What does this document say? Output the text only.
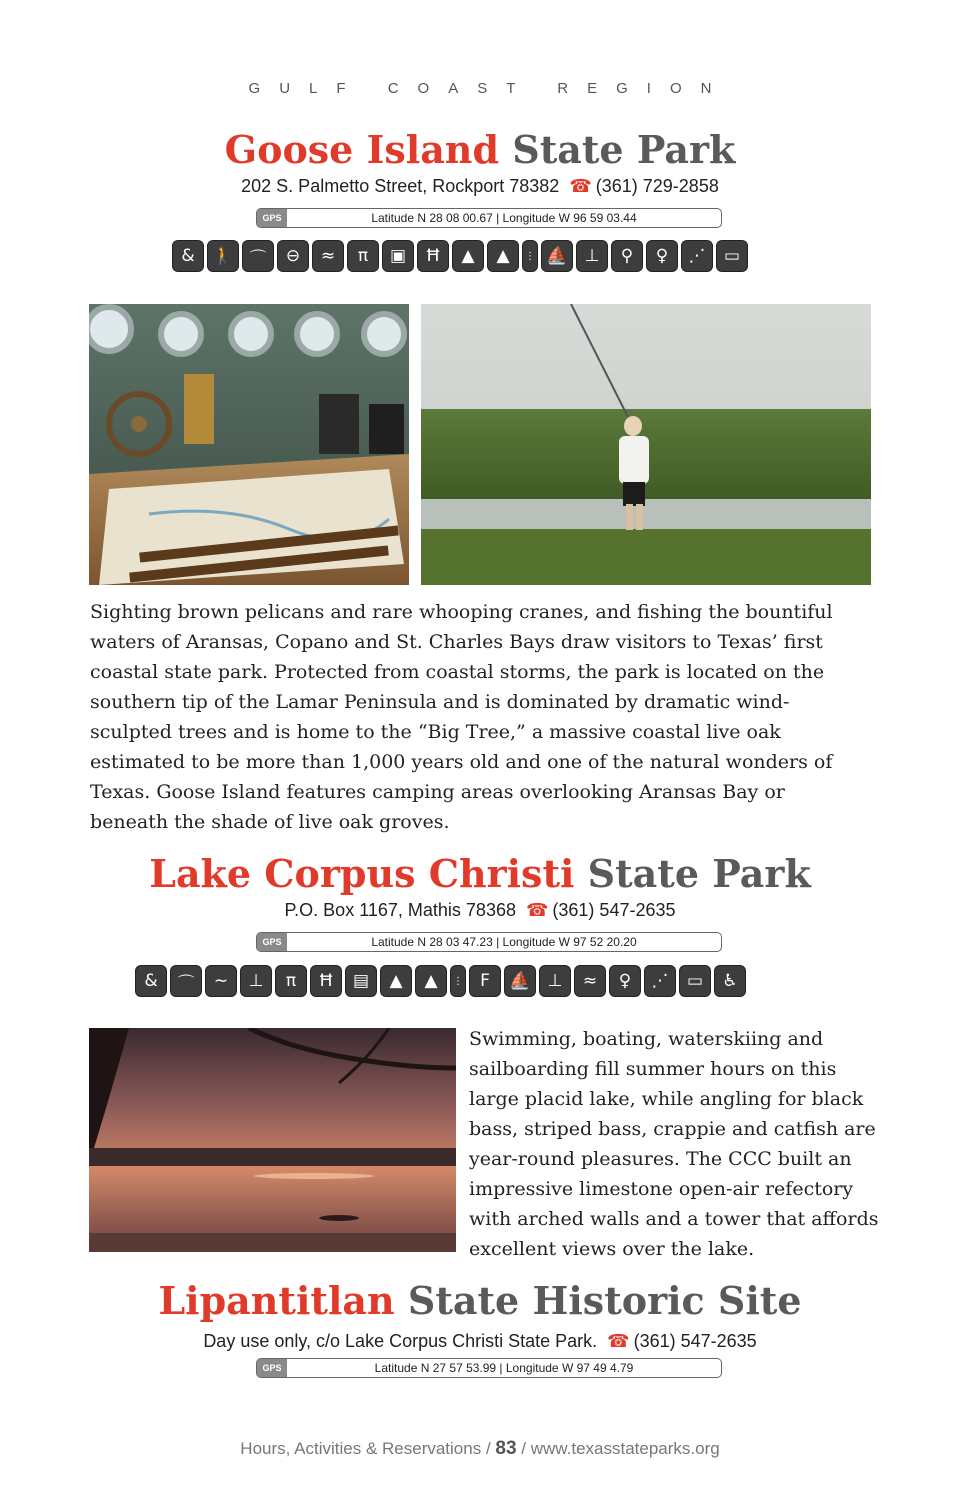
GULF COAST REGION
Goose Island State Park
202 S. Palmetto Street, Rockport 78382 ☎ (361) 729-2858
GPS	Latitude N 28 08 00.67 | Longitude W 96 59 03.44
&	🚶 ⌒	⊖	≈	π	▣	Ħ	▲	▲	⋮ ⛵	⊥	⚲	♀	⋰	▭
Sighting brown pelicans and rare whooping cranes, and fishing the bountiful waters of Aransas, Copano and St. Charles Bays draw visitors to Texas’ first coastal state park. Protected from coastal storms, the park is located on the southern tip of the Lamar Peninsula and is dominated by dramatic wind-sculpted trees and is home to the “Big Tree,” a massive coastal live oak estimated to be more than 1,000 years old and one of the natural wonders of Texas. Goose Island features camping areas overlooking Aransas Bay or beneath the shade of live oak groves.
Lake Corpus Christi State Park
P.O. Box 1167, Mathis 78368 ☎ (361) 547-2635
GPS	Latitude N 28 03 47.23 | Longitude W 97 52 20.20
&	⌒	∼	⊥	π	Ħ	▤	▲	▲	⋮	F	⛵	⊥	≈	♀	⋰	▭	♿
Swimming, boating, waterskiing and sailboarding fill summer hours on this large placid lake, while angling for black bass, striped bass, crappie and catfish are year-round pleasures. The CCC built an impressive limestone open-air refectory with arched walls and a tower that affords excellent views over the lake.
Lipantitlan State Historic Site
Day use only, c/o Lake Corpus Christi State Park. ☎ (361) 547-2635
GPS	Latitude N 27 57 53.99 | Longitude W 97 49 4.79
Hours, Activities & Reservations / 83 / www.texasstateparks.org
